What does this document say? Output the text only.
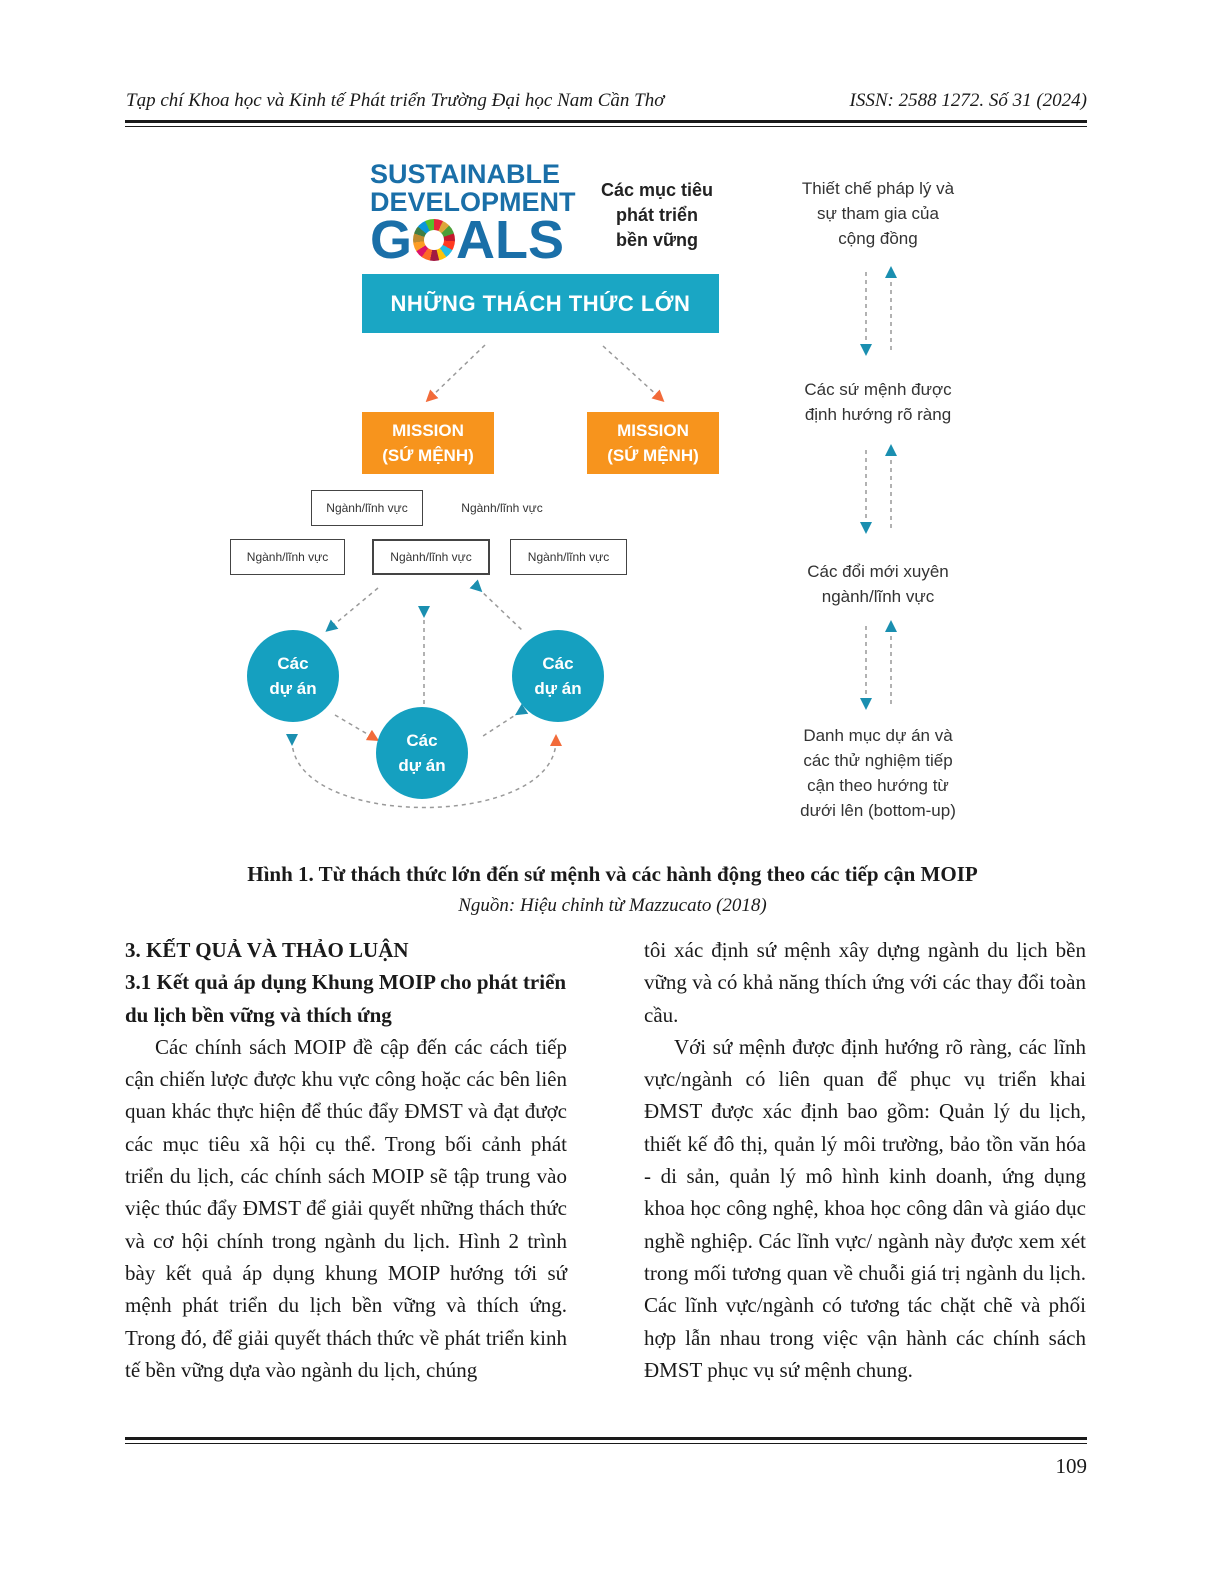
Tạp chí Khoa học và Kinh tế Phát triển Trường Đại học Nam Cần Thơ	ISSN: 2588 1272. Số 31 (2024)
SUSTAINABLE
DEVELOPMENT
G ALS
Các mục tiêu
phát triển
bền vững
NHỮNG THÁCH THỨC LỚN
MISSION
(SỨ MỆNH)
MISSION
(SỨ MỆNH)
Ngành/lĩnh vực	Ngành/lĩnh vực
Ngành/lĩnh vực	Ngành/lĩnh vực	Ngành/lĩnh vực
Các
dự án
Các
dự án
Các
dự án
Thiết chế pháp lý và
sự tham gia của
cộng đồng
Các sứ mệnh được
định hướng rõ ràng
Các đổi mới xuyên
ngành/lĩnh vực
Danh mục dự án và
các thử nghiệm tiếp
cận theo hướng từ
dưới lên (bottom-up)
Hình 1. Từ thách thức lớn đến sứ mệnh và các hành động theo các tiếp cận MOIP
Nguồn: Hiệu chỉnh từ Mazzucato (2018)

3. KẾT QUẢ VÀ THẢO LUẬN

3.1 Kết quả áp dụng Khung MOIP cho phát triển du lịch bền vững và thích ứng

Các chính sách MOIP đề cập đến các cách tiếp cận chiến lược được khu vực công hoặc các bên liên quan khác thực hiện để thúc đẩy ĐMST và đạt được các mục tiêu xã hội cụ thể. Trong bối cảnh phát triển du lịch, các chính sách MOIP sẽ tập trung vào việc thúc đẩy ĐMST để giải quyết những thách thức và cơ hội chính trong ngành du lịch. Hình 2 trình bày kết quả áp dụng khung MOIP hướng tới sứ mệnh phát triển du lịch bền vững và thích ứng. Trong đó, để giải quyết thách thức về phát triển kinh tế bền vững dựa vào ngành du lịch, chúng

tôi xác định sứ mệnh xây dựng ngành du lịch bền vững và có khả năng thích ứng với các thay đổi toàn cầu.

Với sứ mệnh được định hướng rõ ràng, các lĩnh vực/ngành có liên quan để phục vụ triển khai ĐMST được xác định bao gồm: Quản lý du lịch, thiết kế đô thị, quản lý môi trường, bảo tồn văn hóa - di sản, quản lý mô hình kinh doanh, ứng dụng khoa học công nghệ, khoa học công dân và giáo dục nghề nghiệp. Các lĩnh vực/ ngành này được xem xét trong mối tương quan về chuỗi giá trị ngành du lịch. Các lĩnh vực/ngành có tương tác chặt chẽ và phối hợp lẫn nhau trong việc vận hành các chính sách ĐMST phục vụ sứ mệnh chung.

109
